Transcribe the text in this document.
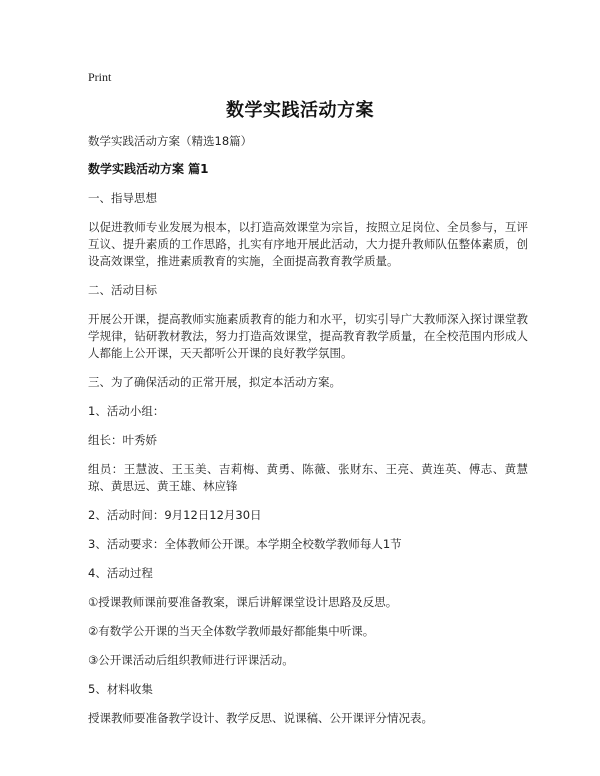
Print
数学实践活动方案

数学实践活动方案（精选18篇）

数学实践活动方案 篇1

一、指导思想

以促进教师专业发展为根本，以打造高效课堂为宗旨，按照立足岗位、全员参与，互评互议、提升素质的工作思路，扎实有序地开展此活动，大力提升教师队伍整体素质，创设高效课堂，推进素质教育的实施，全面提高教育教学质量。

二、活动目标

开展公开课，提高教师实施素质教育的能力和水平，切实引导广大教师深入探讨课堂教学规律，钻研教材教法，努力打造高效课堂，提高教育教学质量，在全校范围内形成人人都能上公开课，天天都听公开课的良好教学氛围。

三、为了确保活动的正常开展，拟定本活动方案。

1、活动小组：

组长：叶秀娇

组员：王慧波、王玉美、吉莉梅、黄勇、陈薇、张财东、王亮、黄连英、傅志、黄慧琼、黄思远、黄王雄、林应锋

2、活动时间：9月12日12月30日

3、活动要求：全体教师公开课。本学期全校数学教师每人1节

4、活动过程

①授课教师课前要准备教案，课后讲解课堂设计思路及反思。

②有数学公开课的当天全体数学教师最好都能集中听课。

③公开课活动后组织教师进行评课活动。

5、材料收集

授课教师要准备教学设计、教学反思、说课稿、公开课评分情况表。
